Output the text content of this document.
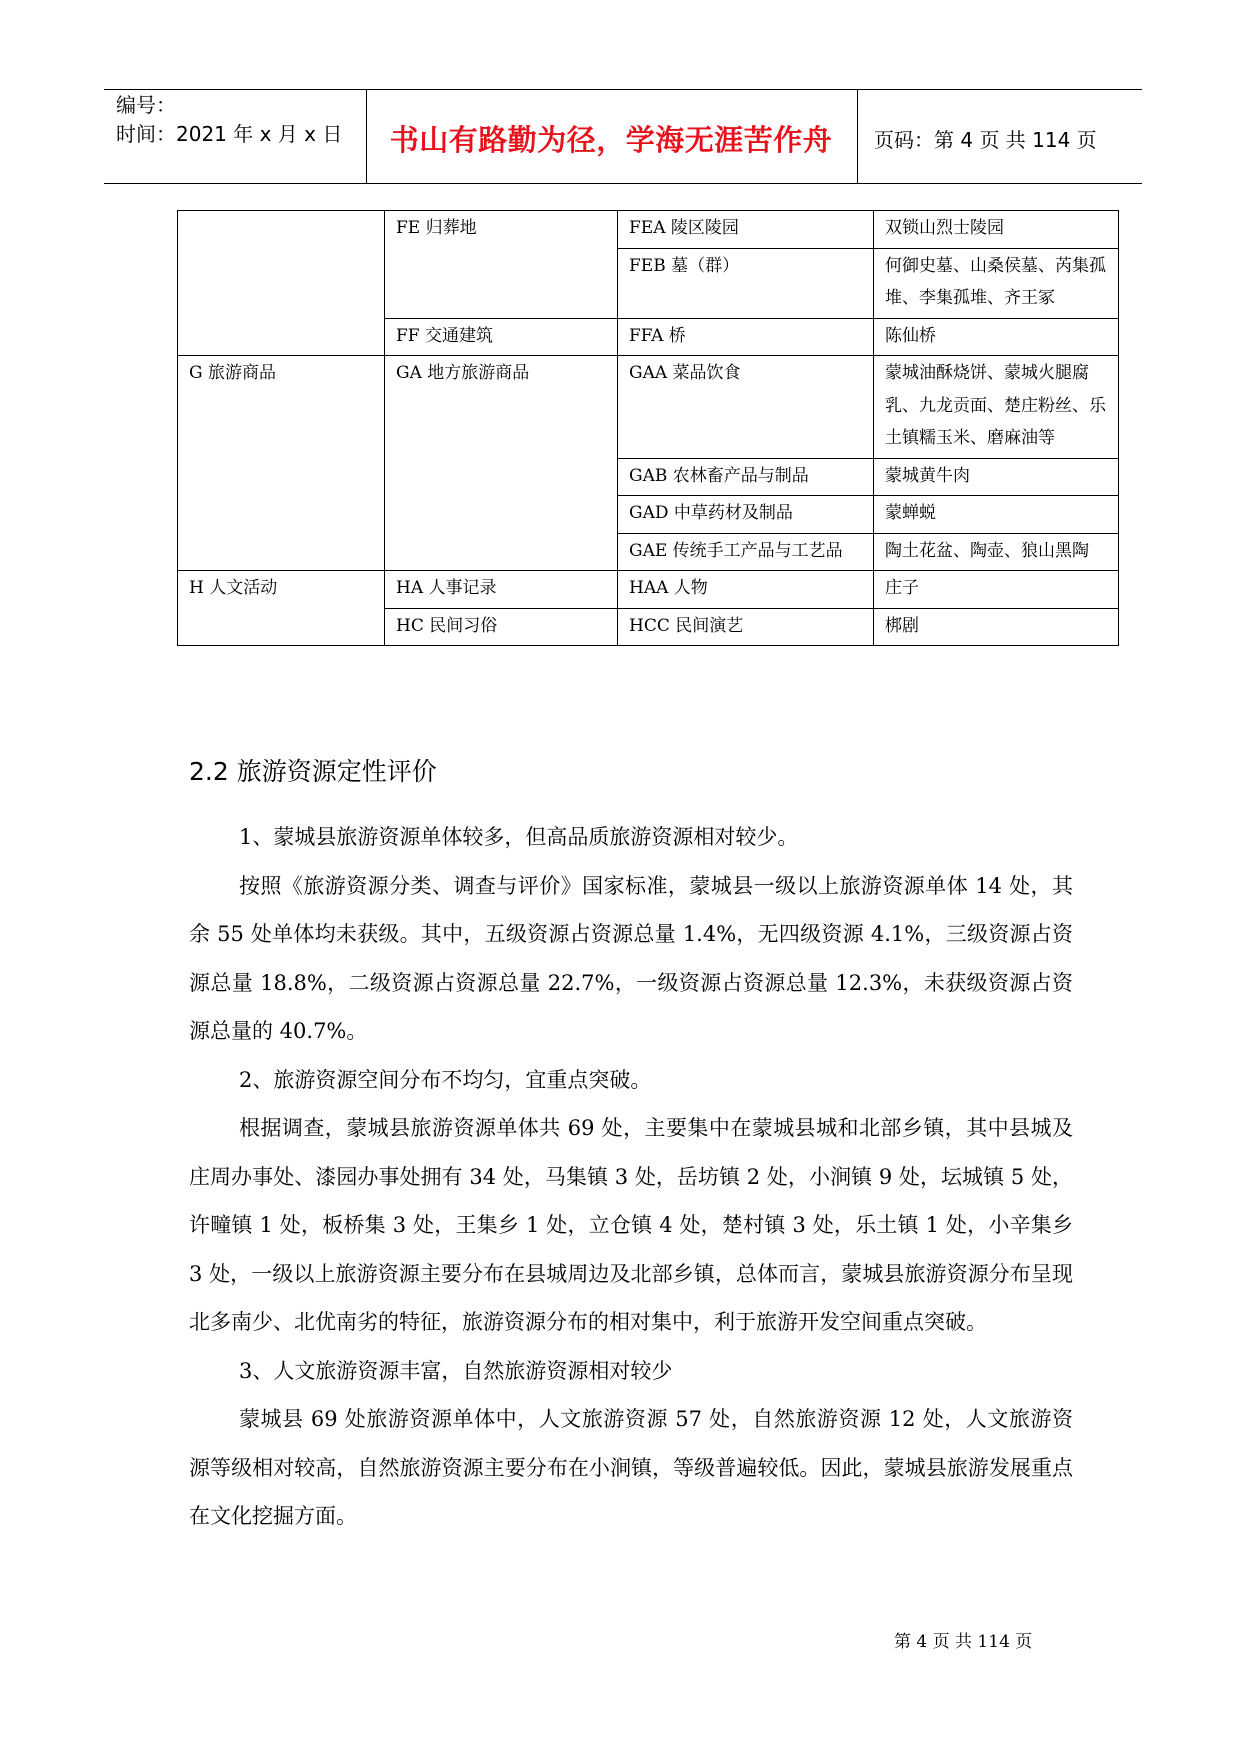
编号：
时间：2021 年 x 月 x 日	书山有路勤为径，学海无涯苦作舟	页码：第 4 页 共 114 页
	FE 归葬地	FEA 陵区陵园	双锁山烈士陵园
		FEB 墓（群）	何御史墓、山桑侯墓、芮集孤堆、李集孤堆、齐王冢
	FF 交通建筑	FFA 桥	陈仙桥
G 旅游商品	GA 地方旅游商品	GAA 菜品饮食	蒙城油酥烧饼、蒙城火腿腐乳、九龙贡面、楚庄粉丝、乐土镇糯玉米、磨麻油等
		GAB 农林畜产品与制品	蒙城黄牛肉
		GAD 中草药材及制品	蒙蝉蜕
		GAE 传统手工产品与工艺品	陶土花盆、陶壶、狼山黑陶
H 人文活动	HA 人事记录	HAA 人物	庄子
	HC 民间习俗	HCC 民间演艺	梆剧
2.2 旅游资源定性评价

1、蒙城县旅游资源单体较多，但高品质旅游资源相对较少。

按照《旅游资源分类、调查与评价》国家标准，蒙城县一级以上旅游资源单体 14 处，其余 55 处单体均未获级。其中，五级资源占资源总量 1.4%，无四级资源 4.1%，三级资源占资源总量 18.8%，二级资源占资源总量 22.7%，一级资源占资源总量 12.3%，未获级资源占资源总量的 40.7%。

2、旅游资源空间分布不均匀，宜重点突破。

根据调查，蒙城县旅游资源单体共 69 处，主要集中在蒙城县城和北部乡镇，其中县城及庄周办事处、漆园办事处拥有 34 处，马集镇 3 处，岳坊镇 2 处，小涧镇 9 处，坛城镇 5 处，许疃镇 1 处，板桥集 3 处，王集乡 1 处，立仓镇 4 处，楚村镇 3 处，乐土镇 1 处，小辛集乡 3 处，一级以上旅游资源主要分布在县城周边及北部乡镇，总体而言，蒙城县旅游资源分布呈现北多南少、北优南劣的特征，旅游资源分布的相对集中，利于旅游开发空间重点突破。

3、人文旅游资源丰富，自然旅游资源相对较少

蒙城县 69 处旅游资源单体中，人文旅游资源 57 处，自然旅游资源 12 处，人文旅游资源等级相对较高，自然旅游资源主要分布在小涧镇，等级普遍较低。因此，蒙城县旅游发展重点在文化挖掘方面。

第 4 页 共 114 页
